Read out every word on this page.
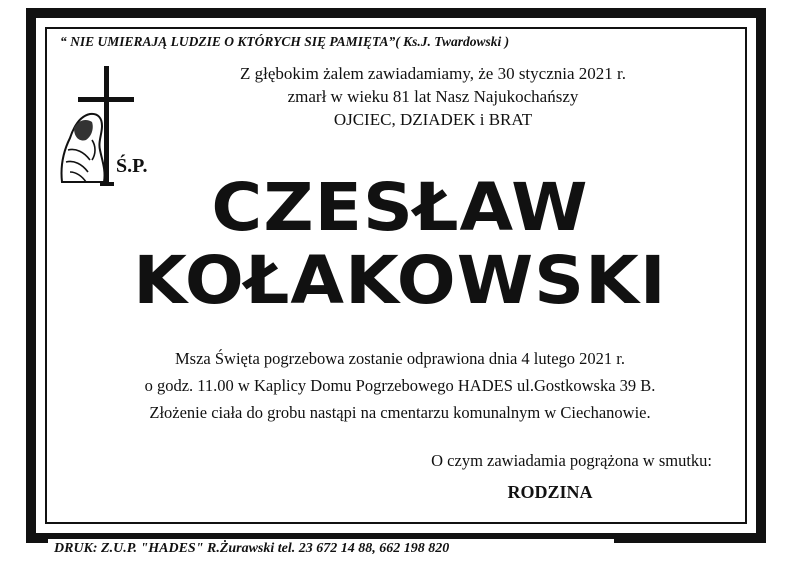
“ NIE UMIERAJĄ LUDZIE O KTÓRYCH SIĘ PAMIĘTA”( Ks.J. Twardowski )
Ś.P.
Z głębokim żalem zawiadamiamy, że 30 stycznia 2021 r.
zmarł w wieku 81 lat Nasz Najukochańszy
OJCIEC, DZIADEK i BRAT
CZESŁAW
KOŁAKOWSKI
Msza Święta pogrzebowa zostanie odprawiona dnia 4 lutego 2021 r.
o godz. 11.00 w Kaplicy Domu Pogrzebowego HADES ul.Gostkowska 39 B.
Złożenie ciała do grobu nastąpi na cmentarzu komunalnym w Ciechanowie.
O czym zawiadamia pogrążona w smutku:
RODZINA
DRUK: Z.U.P. "HADES" R.Żurawski tel. 23 672 14 88, 662 198 820
